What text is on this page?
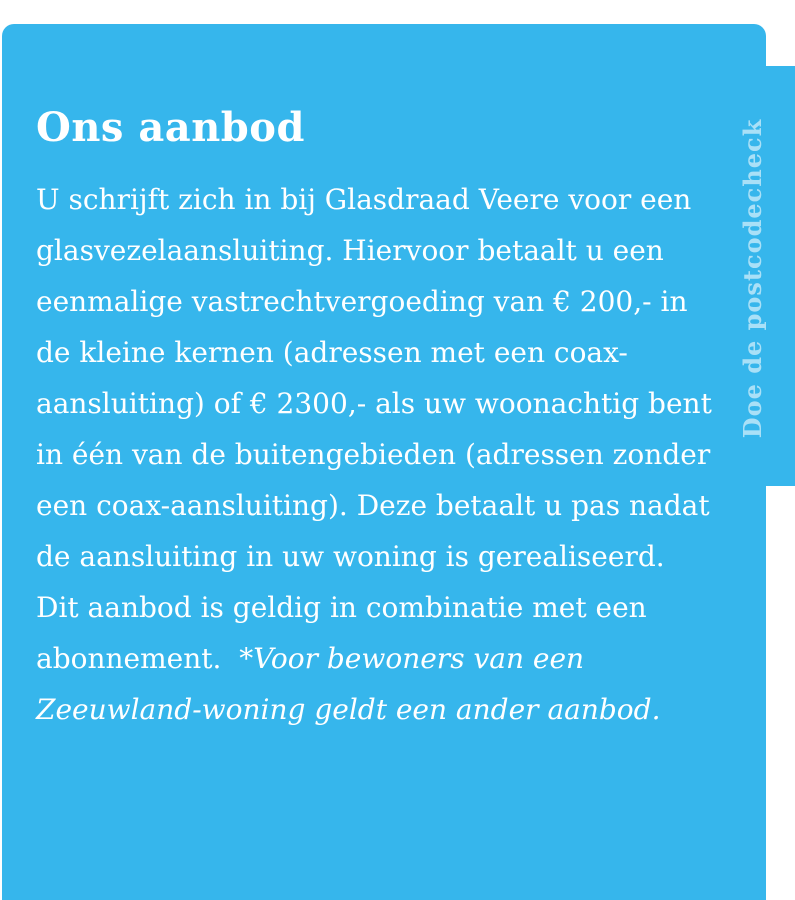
Ons aanbod

U schrijft zich in bij Glasdraad Veere voor een glasvezelaansluiting. Hiervoor betaalt u een eenmalige vastrechtvergoeding van € 200,- in de kleine kernen (adressen met een coax-aansluiting) of € 2300,- als uw woonachtig bent in één van de buitengebieden (adressen zonder een coax-aansluiting). Deze betaalt u pas nadat de aansluiting in uw woning is gerealiseerd. Dit aanbod is geldig in combinatie met een abonnement. *Voor bewoners van een Zeeuwland-woning geldt een ander aanbod.

Doe de postcodecheck
